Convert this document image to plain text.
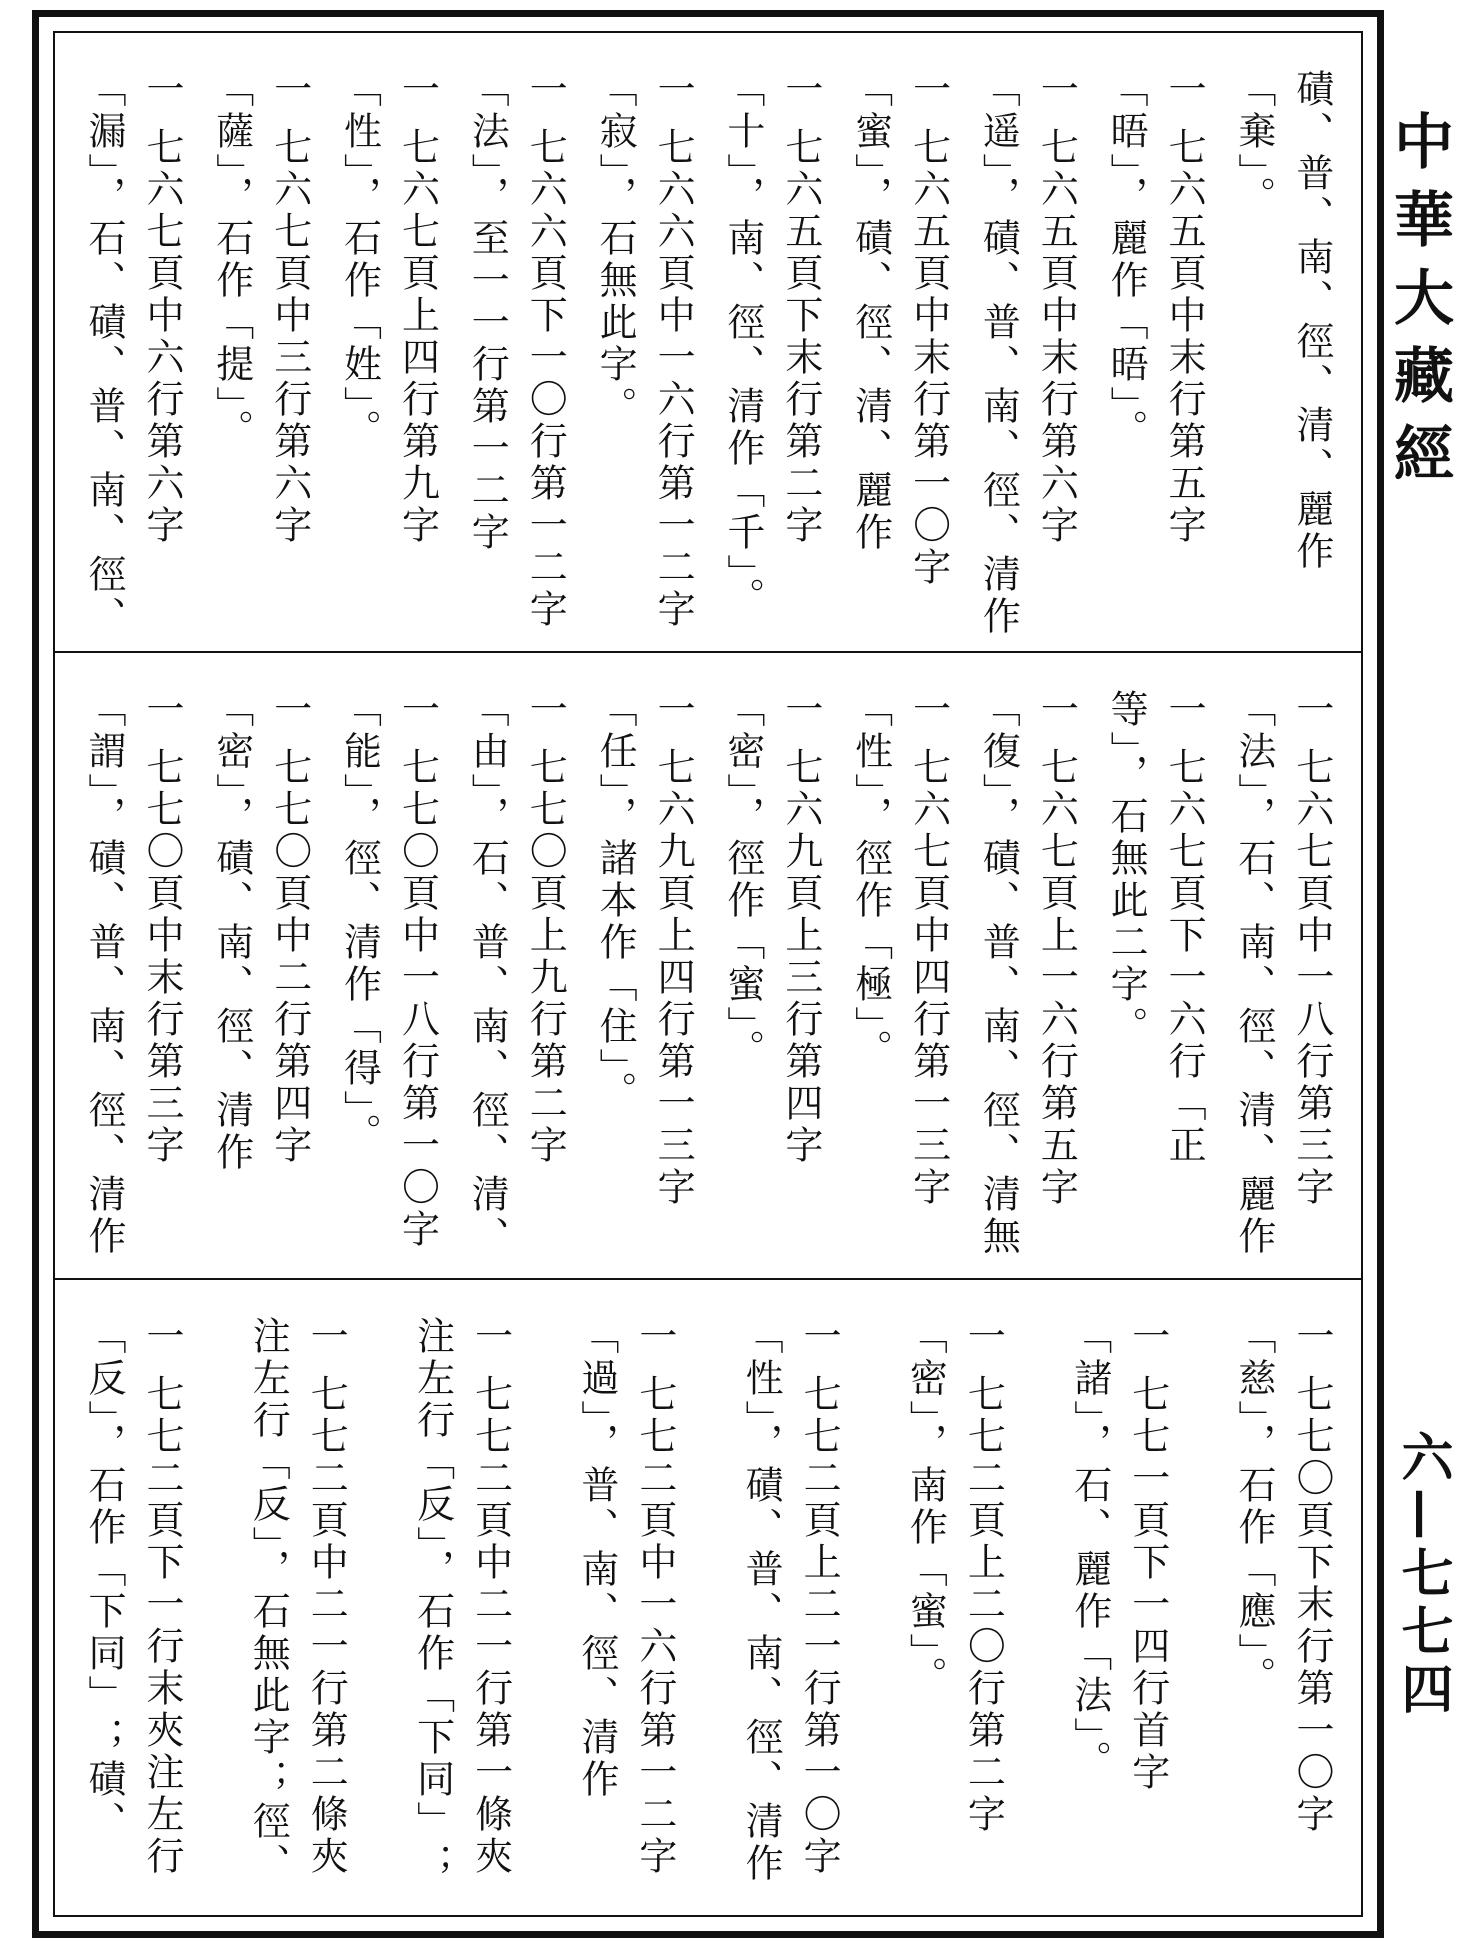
磧、普、南、徑、清、麗作「棄」。
一 七六五頁中末行第五字「晤」，麗作「晤」。
一 七六五頁中末行第六字「遥」，磧、普、南、徑、清作
一 七六五頁中末行第一〇字「蜜」，磧、徑、清、麗作
一 七六五頁下末行第二字「十」，南、徑、清作「千」。
一 七六六頁中一六行第一二字「寂」，石無此字。
一 七六六頁下一〇行第一二字「法」，至一一行第一二字
一 七六七頁上四行第九字「性」，石作「姓」。
一 七六七頁中三行第六字「薩」，石作「提」。
一 七六七頁中六行第六字「漏」，石、磧、普、南、徑、
一 七六七頁中一八行第三字「法」，石、南、徑、清、麗作
一 七六七頁下一六行「正等」，石無此二字。
一 七六七頁上一六行第五字「復」，磧、普、南、徑、清無
一 七六七頁中四行第一三字「性」，徑作「極」。
一 七六九頁上三行第四字「密」，徑作「蜜」。
一 七六九頁上四行第一三字「任」，諸本作「住」。
一 七七〇頁上九行第二字「由」，石、普、南、徑、清、
一 七七〇頁中一八行第一〇字「能」，徑、清作「得」。
一 七七〇頁中二行第四字「密」，磧、南、徑、清作
一 七七〇頁中末行第三字「謂」，磧、普、南、徑、清作
一 七七〇頁下末行第一〇字「慈」，石作「應」。
一 七七一頁下一四行首字「諸」，石、麗作「法」。
一 七七二頁上二〇行第二字「密」，南作「蜜」。
一 七七二頁上二一行第一〇字「性」，磧、普、南、徑、清作
一 七七二頁中一六行第一二字「過」，普、南、徑、清作
一 七七二頁中二一行第一條夾注左行「反」，石作「下同」；
一 七七二頁中二一行第二條夾注左行「反」，石無此字；徑、
一 七七二頁下一行末夾注左行「反」，石作「下同」；磧、
中華大藏經
六—七七四
